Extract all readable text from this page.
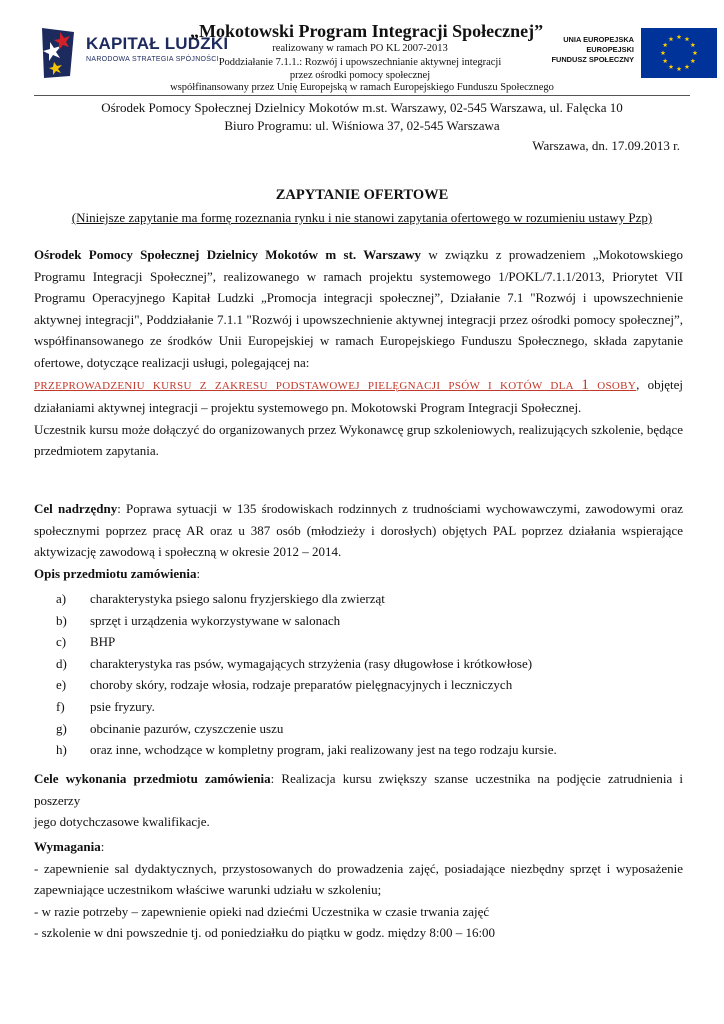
KAPITAŁ LUDZKI
NARODOWA STRATEGIA SPÓJNOŚCI
„Mokotowski Program Integracji Społecznej”
realizowany w ramach PO KL 2007-2013
Poddziałanie 7.1.1.: Rozwój i upowszechnianie aktywnej integracji
przez ośrodki pomocy społecznej
UNIA EUROPEJSKA
EUROPEJSKI
FUNDUSZ SPOŁECZNY
współfinansowany przez Unię Europejską w ramach Europejskiego Funduszu Społecznego
Ośrodek Pomocy Społecznej Dzielnicy Mokotów m.st. Warszawy, 02-545 Warszawa, ul. Falęcka 10
Biuro Programu: ul. Wiśniowa 37, 02-545 Warszawa
Warszawa, dn. 17.09.2013 r.
ZAPYTANIE OFERTOWE
(Niniejsze zapytanie ma formę rozeznania rynku i nie stanowi zapytania ofertowego w rozumieniu ustawy Pzp)
Ośrodek Pomocy Społecznej Dzielnicy Mokotów m st. Warszawy w związku z prowadzeniem „Mokotowskiego
Programu Integracji Społecznej”, realizowanego w ramach projektu systemowego 1/POKL/7.1.1/2013, Priorytet VII
Programu Operacyjnego Kapitał Ludzki „Promocja integracji społecznej”, Działanie 7.1 "Rozwój i upowszechnienie
aktywnej integracji", Poddziałanie 7.1.1 "Rozwój i upowszechnienie aktywnej integracji przez ośrodki pomocy społecznej”,
współfinansowanego ze środków Unii Europejskiej w ramach Europejskiego Funduszu Społecznego, składa zapytanie
ofertowe, dotyczące realizacji usługi, polegającej na:
PRZEPROWADZENIU KURSU Z ZAKRESU PODSTAWOWEJ PIELĘGNACJI PSÓW I KOTÓW DLA 1 OSOBY, objętej
działaniami aktywnej integracji – projektu systemowego pn. Mokotowski Program Integracji Społecznej.
Uczestnik kursu może dołączyć do organizowanych przez Wykonawcę grup szkoleniowych, realizujących szkolenie, będące
przedmiotem zapytania.
Cel nadrzędny: Poprawa sytuacji w 135 środowiskach rodzinnych z trudnościami wychowawczymi, zawodowymi oraz
społecznymi poprzez pracę AR oraz u 387 osób (młodzieży i dorosłych) objętych PAL poprzez działania wspierające
aktywizację zawodową i społeczną w okresie 2012 – 2014.
Opis przedmiotu zamówienia:
a) charakterystyka psiego salonu fryzjerskiego dla zwierząt
b) sprzęt i urządzenia wykorzystywane w salonach
c) BHP
d) charakterystyka ras psów, wymagających strzyżenia (rasy długowłose i krótkowłose)
e) choroby skóry, rodzaje włosia, rodzaje preparatów pielęgnacyjnych i leczniczych
f) psie fryzury.
g) obcinanie pazurów, czyszczenie uszu
h) oraz inne, wchodzące w kompletny program, jaki realizowany jest na tego rodzaju kursie.
Cele wykonania przedmiotu zamówienia: Realizacja kursu zwiększy szanse uczestnika na podjęcie zatrudnienia i poszerzy
jego dotychczasowe kwalifikacje.
Wymagania:
- zapewnienie sal dydaktycznych, przystosowanych do prowadzenia zajęć, posiadające niezbędny sprzęt i wyposażenie
zapewniające uczestnikom właściwe warunki udziału w szkoleniu;
- w razie potrzeby – zapewnienie opieki nad dziećmi Uczestnika w czasie trwania zajęć
- szkolenie w dni powszednie tj. od poniedziałku do piątku w godz. między 8:00 – 16:00
